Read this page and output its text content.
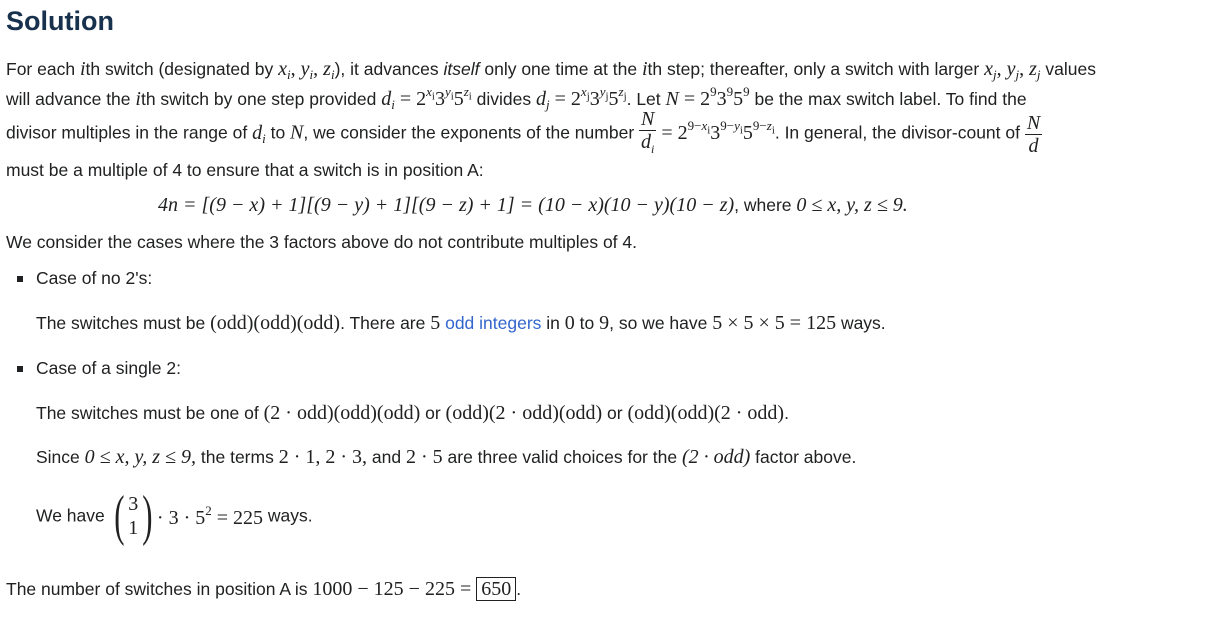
Solution
For each ith switch (designated by $x_i$, $y_i$, $z_i$), it advances itself only one time at the ith step; thereafter, only a switch with larger $x_j$, $y_j$, $z_j$ values
will advance the ith switch by one step provided $d_i = 2^{x_i}3^{y_i}5^{z_i}$ divides $d_j = 2^{x_j}3^{y_j}5^{z_j}$. Let $N = 2^93^95^9$ be the max switch label. To find the
divisor multiples in the range of $d_i$ to N, we consider the exponents of the number $\frac{N}{d_i} = 2^{9-x_i}3^{9-y_i}5^{9-z_i}$. In general, the divisor-count of $\frac{N}{d}$
must be a multiple of 4 to ensure that a switch is in position A:
4n = [(9 − x) + 1][(9 − y) + 1][(9 − z) + 1] = (10 − x)(10 − y)(10 − z), where 0 ≤ x, y, z ≤ 9.
We consider the cases where the 3 factors above do not contribute multiples of 4.
Case of no 2's:
The switches must be (odd)(odd)(odd). There are 5 odd integers in 0 to 9, so we have 5 × 5 × 5 = 125 ways.
Case of a single 2:
The switches must be one of (2 · odd)(odd)(odd) or (odd)(2 · odd)(odd) or (odd)(odd)(2 · odd).
Since 0 ≤ x, y, z ≤ 9, the terms 2 · 1, 2 · 3, and 2 · 5 are three valid choices for the (2 · odd) factor above.
We have ( 3
1 ) · $3 \cdot 5^2 = 225$ ways.
The number of switches in position A is 1000 − 125 − 225 = 650 .
